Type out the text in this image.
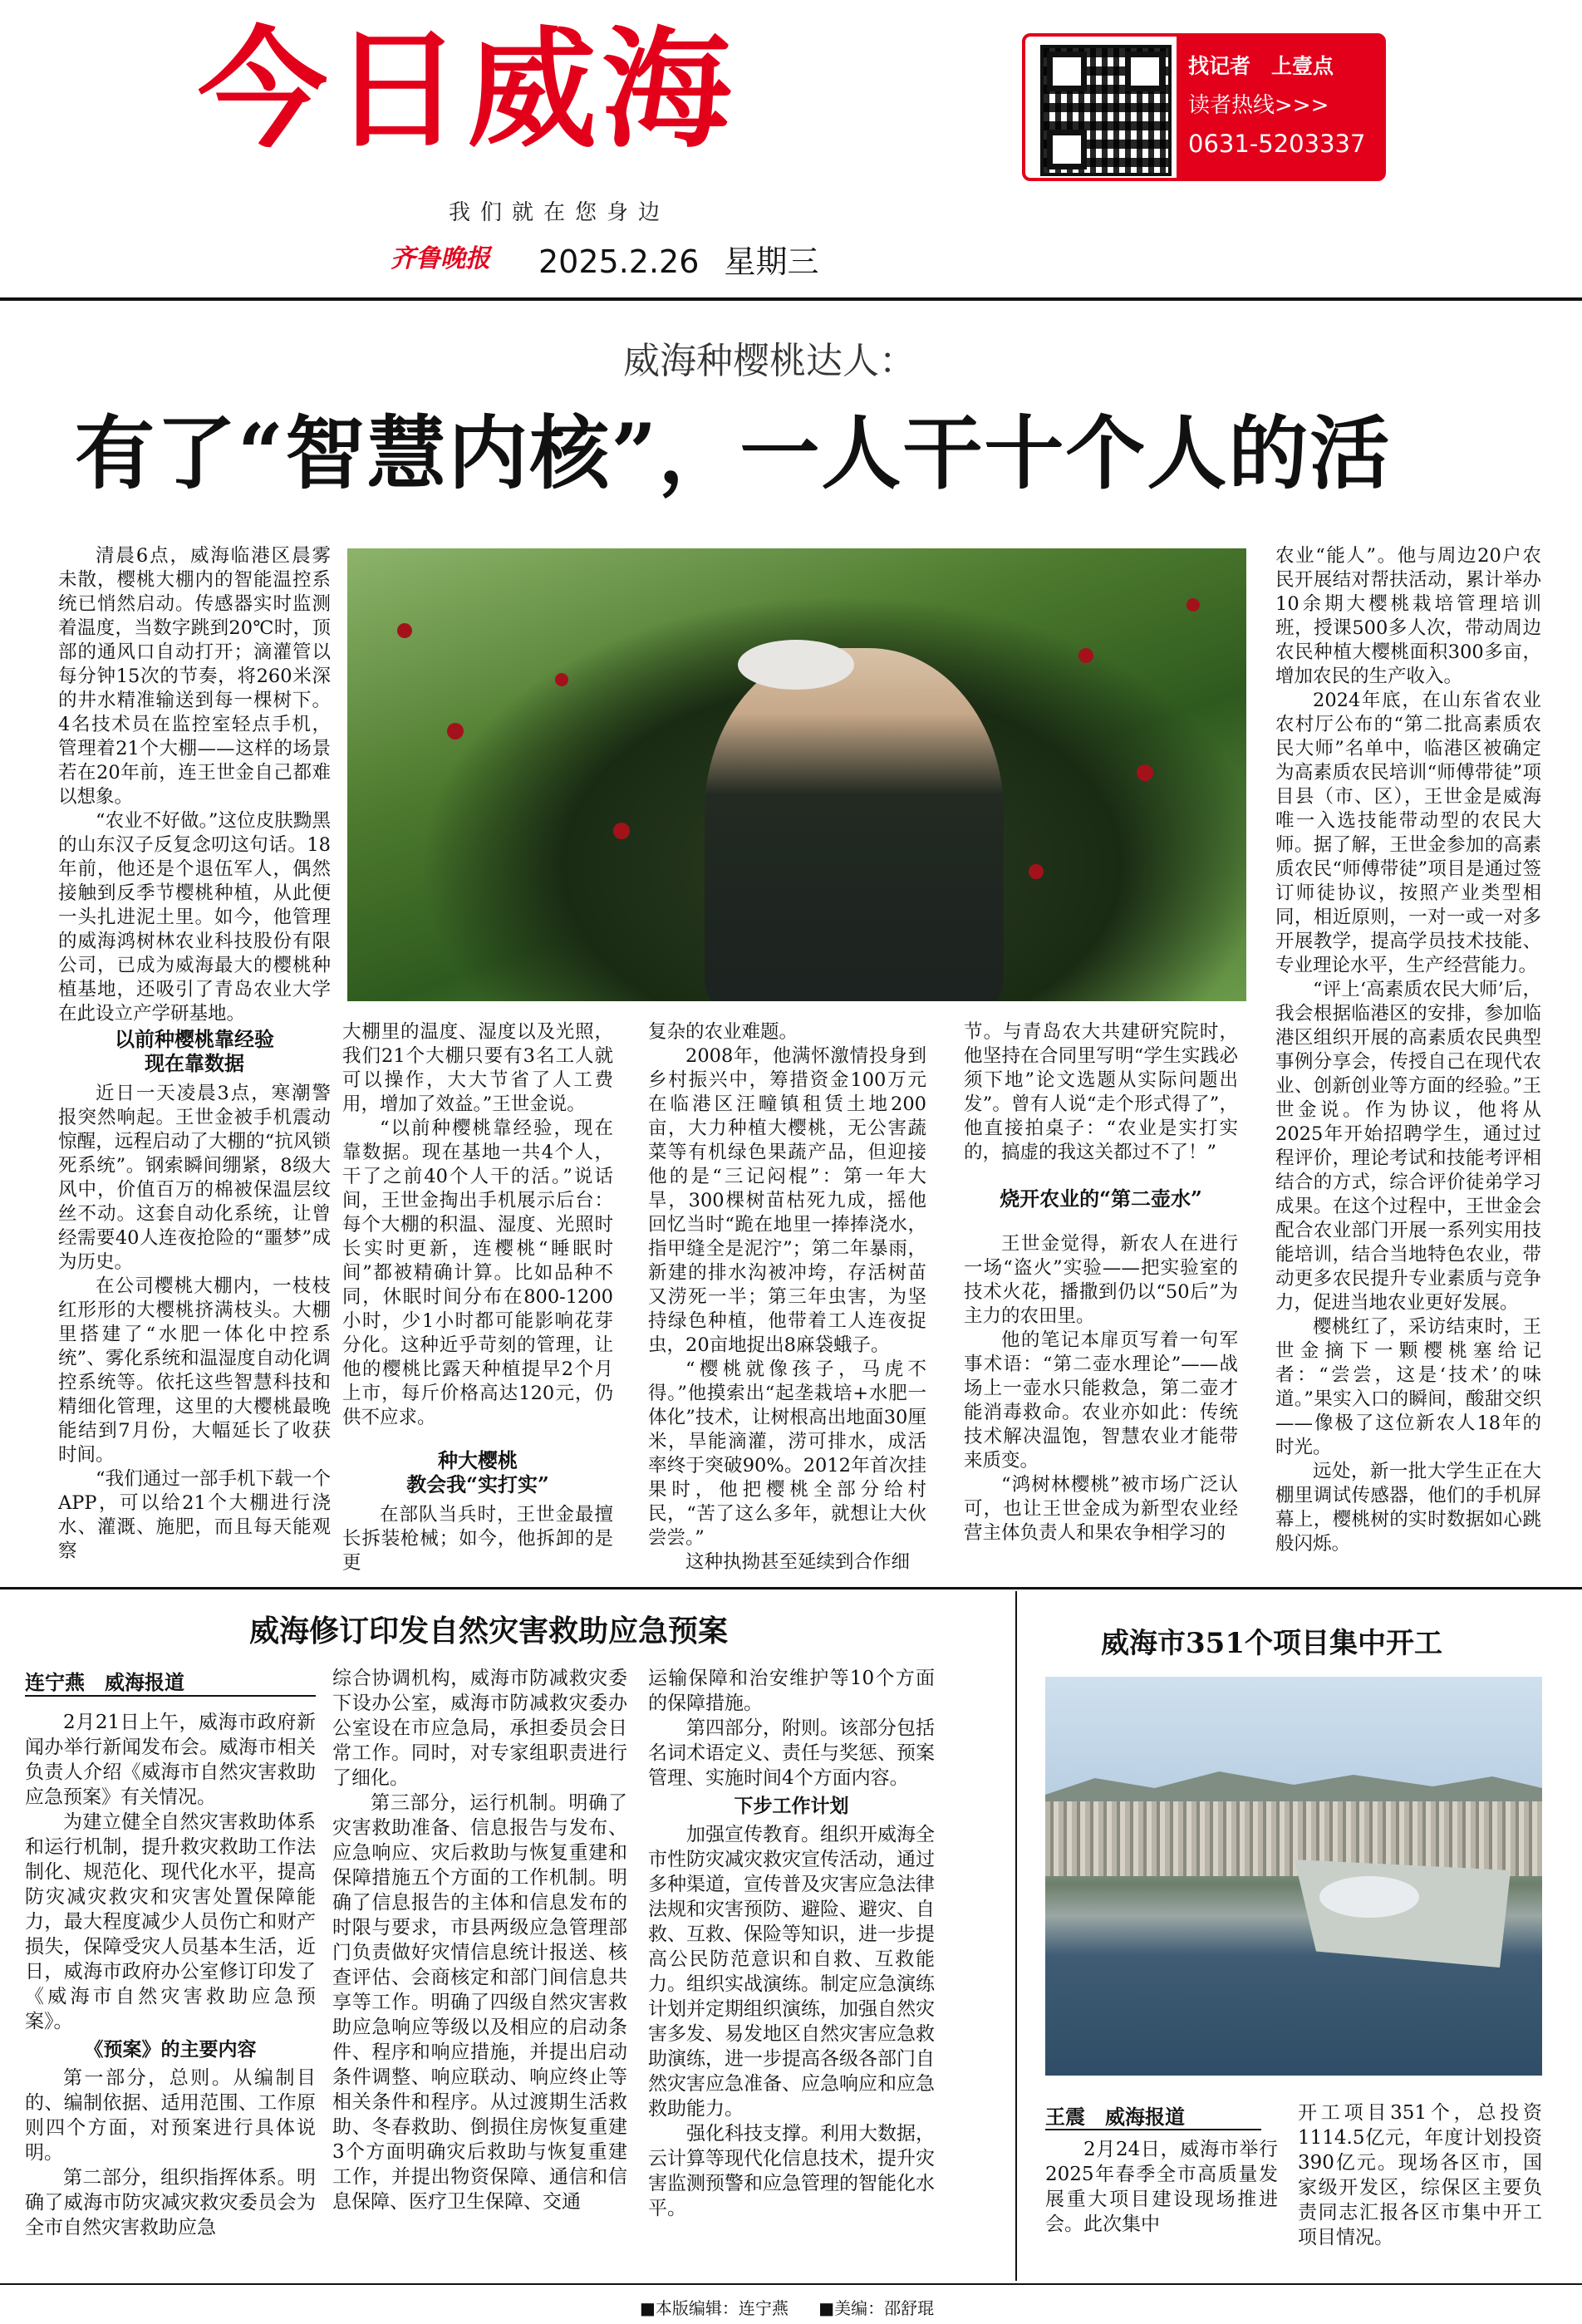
今日威海
我们就在您身边
齐鲁晚报 2025.2.26 星期三
找记者　上壹点
读者热线>>>
0631-5203337
威海种樱桃达人：
有了“智慧内核”，一人干十个人的活

清晨6点，威海临港区晨雾未散，樱桃大棚内的智能温控系统已悄然启动。传感器实时监测着温度，当数字跳到20℃时，顶部的通风口自动打开；滴灌管以每分钟15次的节奏，将260米深的井水精准输送到每一棵树下。4名技术员在监控室轻点手机，管理着21个大棚——这样的场景若在20年前，连王世金自己都难以想象。

“农业不好做。”这位皮肤黝黑的山东汉子反复念叨这句话。18年前，他还是个退伍军人，偶然接触到反季节樱桃种植，从此便一头扎进泥土里。如今，他管理的威海鸿树林农业科技股份有限公司，已成为威海最大的樱桃种植基地，还吸引了青岛农业大学在此设立产学研基地。

以前种樱桃靠经验
现在靠数据

近日一天凌晨3点，寒潮警报突然响起。王世金被手机震动惊醒，远程启动了大棚的“抗风锁死系统”。钢索瞬间绷紧，8级大风中，价值百万的棉被保温层纹丝不动。这套自动化系统，让曾经需要40人连夜抢险的“噩梦”成为历史。

在公司樱桃大棚内，一枝枝红形形的大樱桃挤满枝头。大棚里搭建了“水肥一体化中控系统”、雾化系统和温湿度自动化调控系统等。依托这些智慧科技和精细化管理，这里的大樱桃最晚能结到7月份，大幅延长了收获时间。

“我们通过一部手机下载一个APP，可以给21个大棚进行浇水、灌溉、施肥，而且每天能观察

大棚里的温度、湿度以及光照，我们21个大棚只要有3名工人就可以操作，大大节省了人工费用，增加了效益。”王世金说。

“以前种樱桃靠经验，现在靠数据。现在基地一共4个人，干了之前40个人干的活。”说话间，王世金掏出手机展示后台：每个大棚的积温、湿度、光照时长实时更新，连樱桃“睡眠时间”都被精确计算。比如品种不同，休眠时间分布在800-1200小时，少1小时都可能影响花芽分化。这种近乎苛刻的管理，让他的樱桃比露天种植提早2个月上市，每斤价格高达120元，仍供不应求。

种大樱桃
教会我“实打实”

在部队当兵时，王世金最擅长拆装枪械；如今，他拆卸的是更

复杂的农业难题。

2008年，他满怀激情投身到乡村振兴中，筹措资金100万元在临港区汪疃镇租赁土地200亩，大力种植大樱桃，无公害蔬菜等有机绿色果蔬产品，但迎接他的是“三记闷棍”：第一年大旱，300棵树苗枯死九成，摇他回忆当时“跪在地里一捧捧浇水，指甲缝全是泥泞”；第二年暴雨，新建的排水沟被冲垮，存活树苗又涝死一半；第三年虫害，为坚持绿色种植，他带着工人连夜捉虫，20亩地捉出8麻袋蛾子。

“樱桃就像孩子，马虎不得。”他摸索出“起垄栽培+水肥一体化”技术，让树根高出地面30厘米，旱能滴灌，涝可排水，成活率终于突破90%。2012年首次挂果时，他把樱桃全部分给村民，“苦了这么多年，就想让大伙尝尝。”

这种执拗甚至延续到合作细

节。与青岛农大共建研究院时，他坚持在合同里写明“学生实践必须下地”论文选题从实际问题出发”。曾有人说“走个形式得了”，他直接拍桌子：“农业是实打实的，搞虚的我这关都过不了！”

烧开农业的“第二壶水”

王世金觉得，新农人在进行一场“盗火”实验——把实验室的技术火花，播撒到仍以“50后”为主力的农田里。

他的笔记本扉页写着一句军事术语：“第二壶水理论”——战场上一壶水只能救急，第二壶才能消毒救命。农业亦如此：传统技术解决温饱，智慧农业才能带来质变。

“鸿树林樱桃”被市场广泛认可，也让王世金成为新型农业经营主体负责人和果农争相学习的

农业“能人”。他与周边20户农民开展结对帮扶活动，累计举办10余期大樱桃栽培管理培训班，授课500多人次，带动周边农民种植大樱桃面积300多亩，增加农民的生产收入。

2024年底，在山东省农业农村厅公布的“第二批高素质农民大师”名单中，临港区被确定为高素质农民培训“师傅带徒”项目县（市、区），王世金是威海唯一入选技能带动型的农民大师。据了解，王世金参加的高素质农民“师傅带徒”项目是通过签订师徒协议，按照产业类型相同，相近原则，一对一或一对多开展教学，提高学员技术技能、专业理论水平，生产经营能力。

“评上‘高素质农民大师’后，我会根据临港区的安排，参加临港区组织开展的高素质农民典型事例分享会，传授自己在现代农业、创新创业等方面的经验。”王世金说。作为协议，他将从2025年开始招聘学生，通过过程评价，理论考试和技能考评相结合的方式，综合评价徒弟学习成果。在这个过程中，王世金会配合农业部门开展一系列实用技能培训，结合当地特色农业，带动更多农民提升专业素质与竞争力，促进当地农业更好发展。

樱桃红了，采访结束时，王世金摘下一颗樱桃塞给记者：“尝尝，这是‘技术’的味道。”果实入口的瞬间，酸甜交织——像极了这位新农人18年的时光。

远处，新一批大学生正在大棚里调试传感器，他们的手机屏幕上，樱桃树的实时数据如心跳般闪烁。

威海修订印发自然灾害救助应急预案
连宁燕　威海报道

2月21日上午，威海市政府新闻办举行新闻发布会。威海市相关负责人介绍《威海市自然灾害救助应急预案》有关情况。

为建立健全自然灾害救助体系和运行机制，提升救灾救助工作法制化、规范化、现代化水平，提高防灾减灾救灾和灾害处置保障能力，最大程度减少人员伤亡和财产损失，保障受灾人员基本生活，近日，威海市政府办公室修订印发了《威海市自然灾害救助应急预案》。

《预案》的主要内容

第一部分，总则。从编制目的、编制依据、适用范围、工作原则四个方面，对预案进行具体说明。

第二部分，组织指挥体系。明确了威海市防灾减灾救灾委员会为全市自然灾害救助应急

综合协调机构，威海市防减救灾委下设办公室，威海市防减救灾委办公室设在市应急局，承担委员会日常工作。同时，对专家组职责进行了细化。

第三部分，运行机制。明确了灾害救助准备、信息报告与发布、应急响应、灾后救助与恢复重建和保障措施五个方面的工作机制。明确了信息报告的主体和信息发布的时限与要求，市县两级应急管理部门负责做好灾情信息统计报送、核查评估、会商核定和部门间信息共享等工作。明确了四级自然灾害救助应急响应等级以及相应的启动条件、程序和响应措施，并提出启动条件调整、响应联动、响应终止等相关条件和程序。从过渡期生活救助、冬春救助、倒损住房恢复重建3个方面明确灾后救助与恢复重建工作，并提出物资保障、通信和信息保障、医疗卫生保障、交通

运输保障和治安维护等10个方面的保障措施。

第四部分，附则。该部分包括名词术语定义、责任与奖惩、预案管理、实施时间4个方面内容。

下步工作计划

加强宣传教育。组织开威海全市性防灾减灾救灾宣传活动，通过多种渠道，宣传普及灾害应急法律法规和灾害预防、避险、避灾、自救、互救、保险等知识，进一步提高公民防范意识和自救、互救能力。组织实战演练。制定应急演练计划并定期组织演练，加强自然灾害多发、易发地区自然灾害应急救助演练，进一步提高各级各部门自然灾害应急准备、应急响应和应急救助能力。

强化科技支撑。利用大数据，云计算等现代化信息技术，提升灾害监测预警和应急管理的智能化水平。

威海市351个项目集中开工
王震　威海报道

2月24日，威海市举行2025年春季全市高质量发展重大项目建设现场推进会。此次集中

开工项目351个，总投资1114.5亿元，年度计划投资390亿元。现场各区市，国家级开发区，综保区主要负责同志汇报各区市集中开工项目情况。

■本版编辑：连宁燕 ■美编：邵舒琨
